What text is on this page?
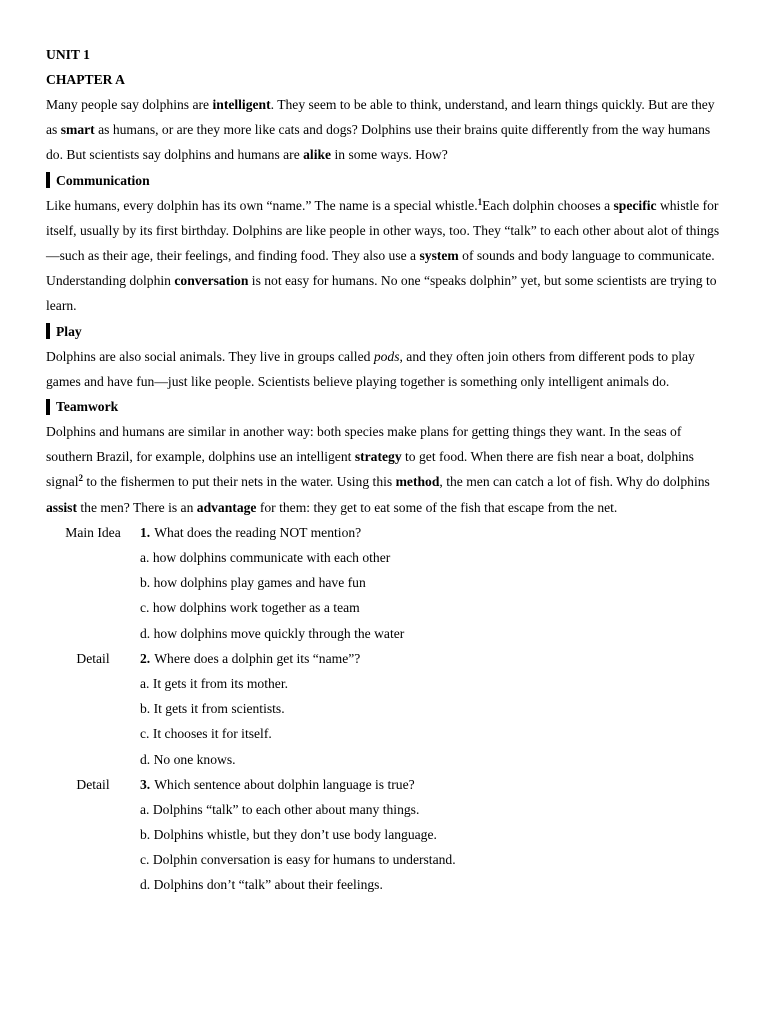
UNIT 1
CHAPTER A

Many people say dolphins are intelligent. They seem to be able to think, understand, and learn things quickly. But are they as smart as humans, or are they more like cats and dogs? Dolphins use their brains quite differently from the way humans do. But scientists say dolphins and humans are alike in some ways. How?

Communication

Like humans, every dolphin has its own “name.” The name is a special whistle.$^1$Each dolphin chooses a specific whistle for itself, usually by its first birthday. Dolphins are like people in other ways, too. They “talk” to each other about alot of things—such as their age, their feelings, and finding food. They also use a system of sounds and body language to communicate. Understanding dolphin conversation is not easy for humans. No one “speaks dolphin” yet, but some scientists are trying to learn.

Play

Dolphins are also social animals. They live in groups called pods, and they often join others from different pods to play games and have fun—just like people. Scientists believe playing together is something only intelligent animals do.

Teamwork

Dolphins and humans are similar in another way: both species make plans for getting things they want. In the seas of southern Brazil, for example, dolphins use an intelligent strategy to get food. When there are fish near a boat, dolphins signal$^2$ to the fishermen to put their nets in the water. Using this method, the men can catch a lot of fish. Why do dolphins assist the men? There is an advantage for them: they get to eat some of the fish that escape from the net.

Main Idea	1. What does the reading NOT mention?
a. how dolphins communicate with each other
b. how dolphins play games and have fun
c. how dolphins work together as a team
d. how dolphins move quickly through the water
Detail	2. Where does a dolphin get its “name”?
a. It gets it from its mother.
b. It gets it from scientists.
c. It chooses it for itself.
d. No one knows.
Detail	3. Which sentence about dolphin language is true?
a. Dolphins “talk” to each other about many things.
b. Dolphins whistle, but they don’t use body language.
c. Dolphin conversation is easy for humans to understand.
d. Dolphins don’t “talk” about their feelings.
